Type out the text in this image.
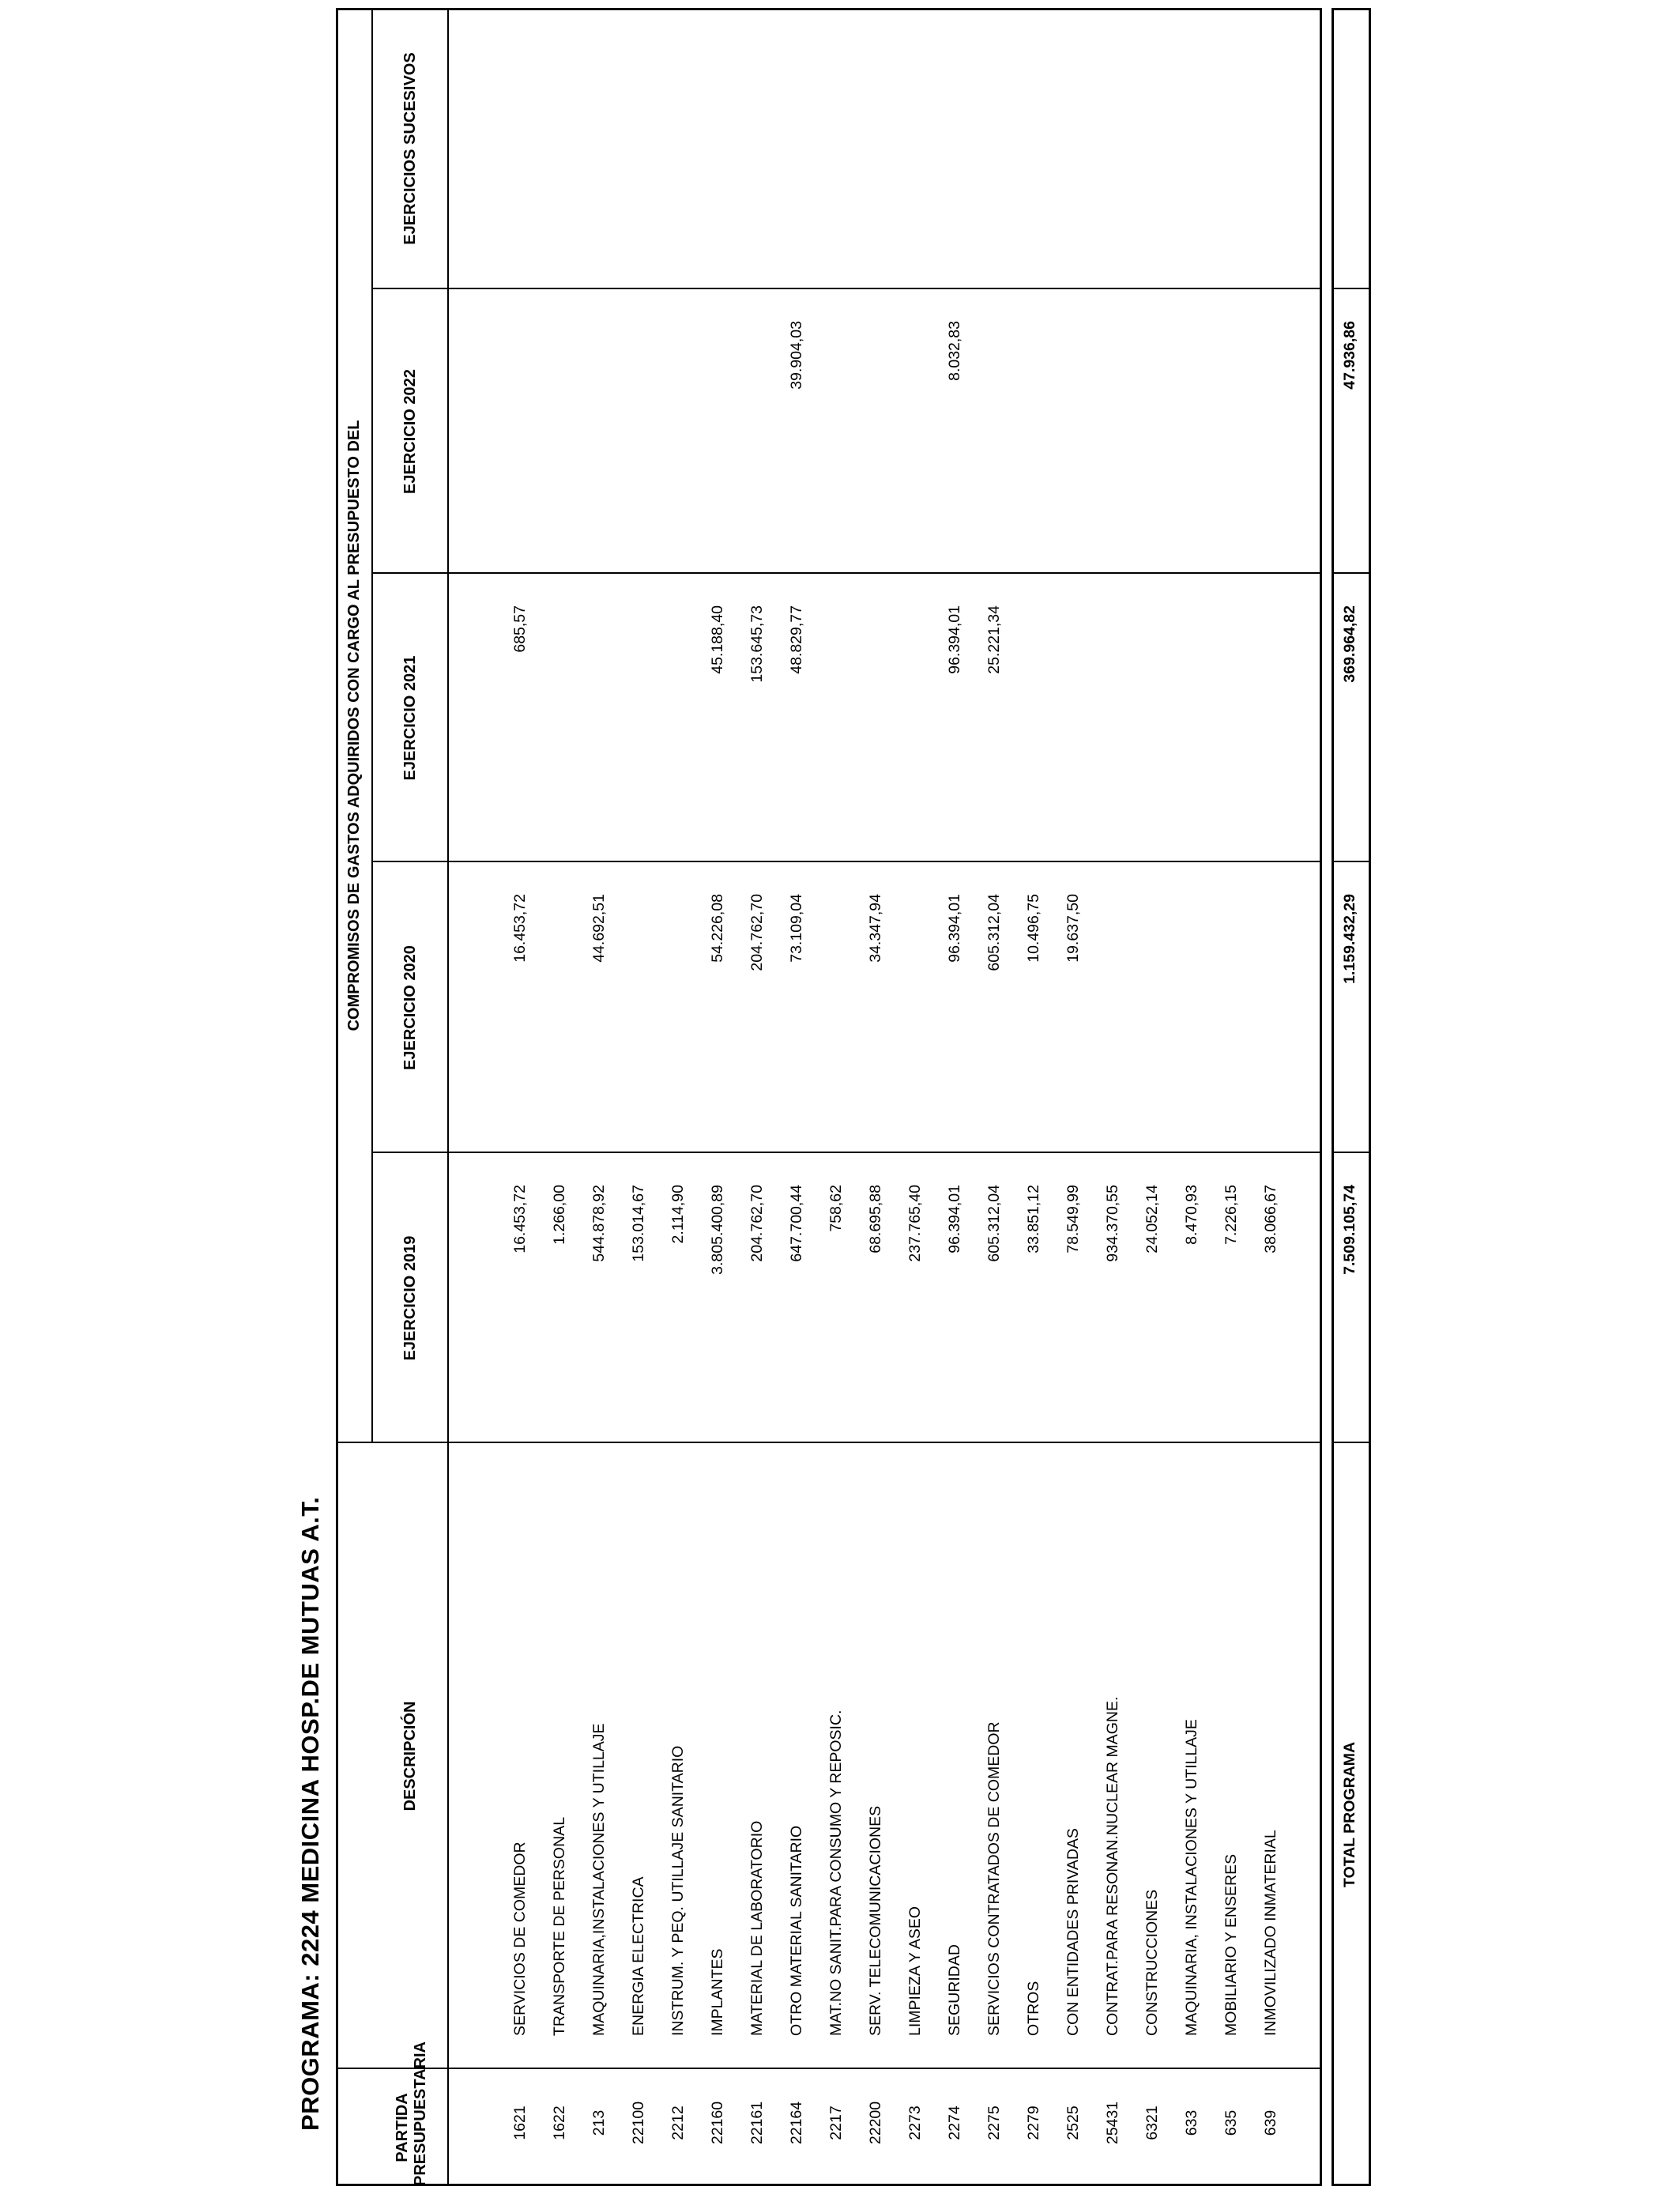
PROGRAMA: 2224 MEDICINA HOSP.DE MUTUAS A.T.	PARTIDA PRESUPUESTARIA
DESCRIPCIÓN
COMPROMISOS DE GASTOS ADQUIRIDOS CON CARGO AL PRESUPUESTO DEL
EJERCICIO 2019
EJERCICIO 2020
EJERCICIO 2021
EJERCICIO 2022
EJERCICIOS SUCESIVOS
1621
SERVICIOS DE COMEDOR
16.453,72
16.453,72
685,57
1622
TRANSPORTE DE PERSONAL
1.266,00
213
MAQUINARIA,INSTALACIONES Y UTILLAJE
544.878,92
44.692,51
22100
ENERGIA ELECTRICA
153.014,67
2212
INSTRUM. Y PEQ. UTILLAJE SANITARIO
2.114,90
22160
IMPLANTES
3.805.400,89
54.226,08
45.188,40
22161
MATERIAL DE LABORATORIO
204.762,70
204.762,70
153.645,73
22164
OTRO MATERIAL SANITARIO
647.700,44
73.109,04
48.829,77
39.904,03
2217
MAT.NO SANIT.PARA CONSUMO Y REPOSIC.
758,62
22200
SERV. TELECOMUNICACIONES
68.695,88
34.347,94
2273
LIMPIEZA Y ASEO
237.765,40
2274
SEGURIDAD
96.394,01
96.394,01
96.394,01
8.032,83
2275
SERVICIOS CONTRATADOS DE COMEDOR
605.312,04
605.312,04
25.221,34
2279
OTROS
33.851,12
10.496,75
2525
CON ENTIDADES PRIVADAS
78.549,99
19.637,50
25431
CONTRAT.PARA RESONAN.NUCLEAR MAGNE.
934.370,55
6321
CONSTRUCCIONES
24.052,14
633
MAQUINARIA, INSTALACIONES Y UTILLAJE
8.470,93
635
MOBILIARIO Y ENSERES
7.226,15
639
INMOVILIZADO INMATERIAL
38.066,67
TOTAL PROGRAMA
7.509.105,74
1.159.432,29
369.964,82
47.936,86
